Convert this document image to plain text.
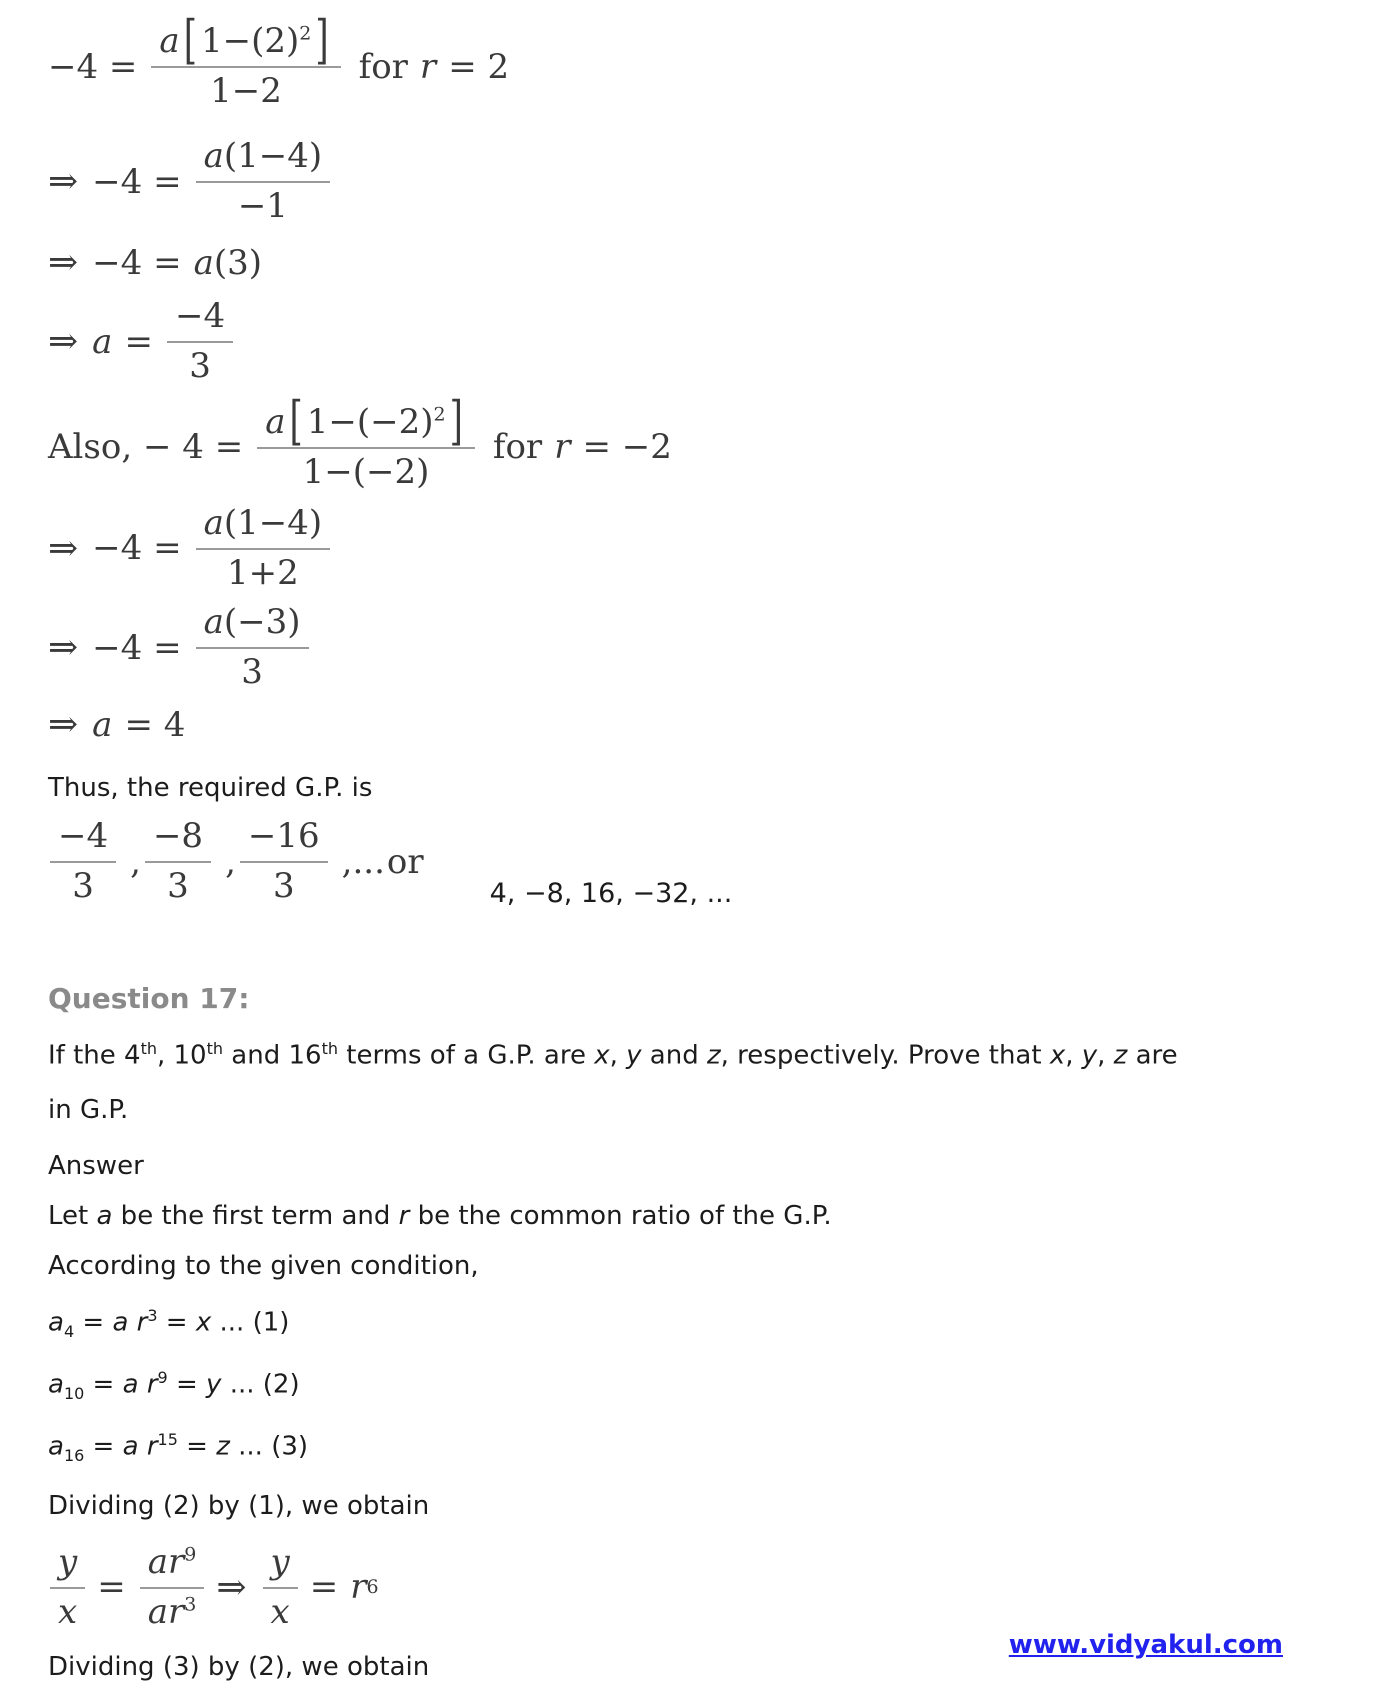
$-4 = \frac{a [ 1-(2)^2 ]}{1-2}$ for r = 2
⇒ $-4 = \frac{a(1-4)}{-1}$
⇒ −4 = a (3)
⇒ $a = \frac{-4}{3}$
Also, − $4 = \frac{a [ 1-(-2)^2 ]}{1-(-2)}$ for r = −2
⇒ $-4 = \frac{a(1-4)}{1+2}$
⇒ $-4 = \frac{a(-3)}{3}$
⇒ a = 4
Thus, the required G.P. is
$\frac{-4}{3}$ , $\frac{-8}{3}$ , $\frac{-16}{3}$ ,... or
4, −8, 16, −32, ...
Question 17:
If the 4th, 10th and 16th terms of a G.P. are x, y and z, respectively. Prove that x, y, z are
in G.P.
Answer
Let a be the first term and r be the common ratio of the G.P.
According to the given condition,
$a_4 = a$ $r^3 = x$ ... (1)
$a_{10} = a$ $r^9 = y$ ... (2)
$a_{16} = a$ $r^{15} = z$ ... (3)
Dividing (2) by (1), we obtain
$\frac{y}{x} = \frac{ar^9}{ar^3}$ ⇒ $\frac{y}{x} = r$ 6
Dividing (3) by (2), we obtain
www.vidyakul.com
